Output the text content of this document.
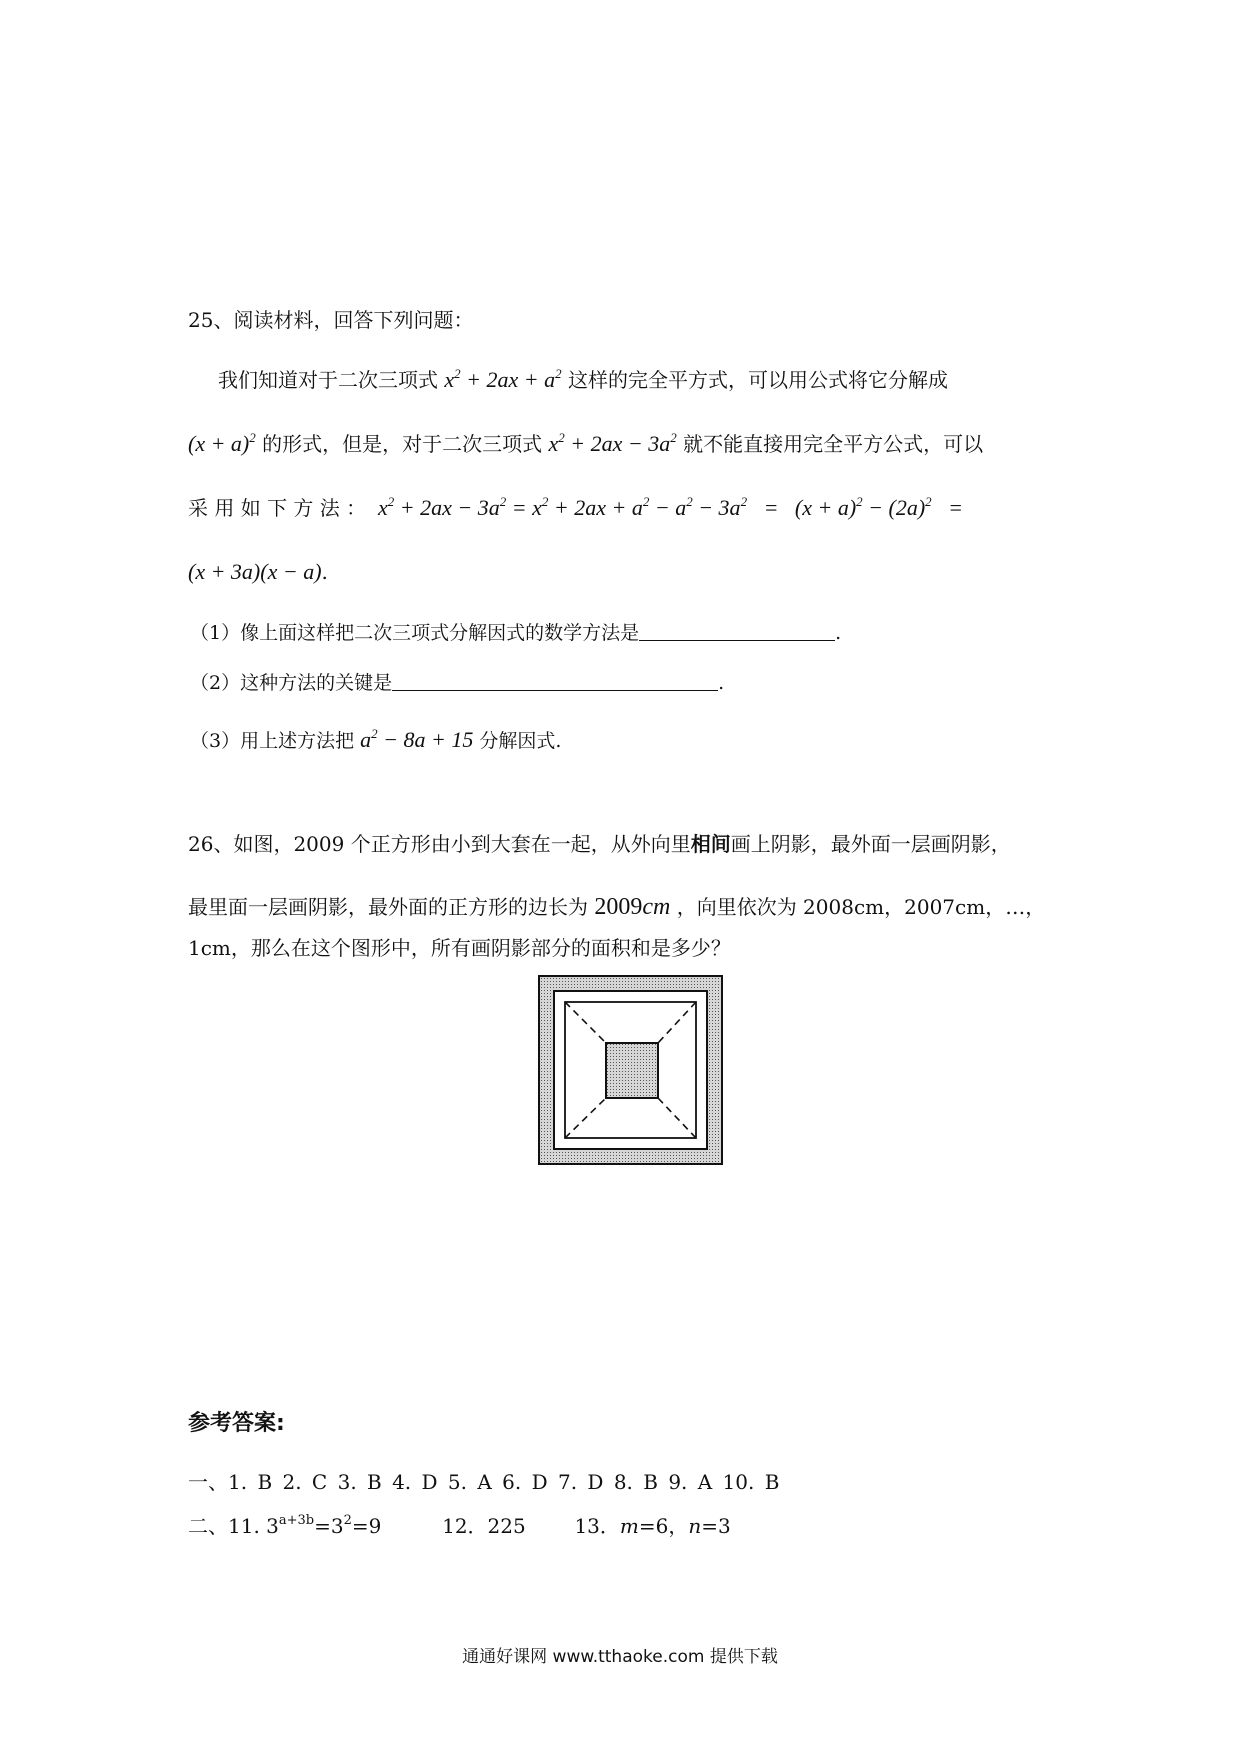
25、阅读材料，回答下列问题：
我们知道对于二次三项式 $x^2 + 2ax + a^2$ 这样的完全平方式，可以用公式将它分解成
$(x + a)^2$ 的形式，但是，对于二次三项式 $x^2 + 2ax - 3a^2$ 就不能直接用完全平方公式，可以
采 用 如 下 方 法 ：  $x^2 + 2ax - 3a^2 = x^2 + 2ax + a^2 - a^2 - 3a^2 = (x + a)^2 - (2a)^2$   =
(x + 3a)(x − a).
（1）像上面这样把二次三项式分解因式的数学方法是	.
（2）这种方法的关键是	.
（3）用上述方法把 $a^2 - 8a + 15$ 分解因式.
26、如图，2009 个正方形由小到大套在一起，从外向里相间画上阴影，最外面一层画阴影，
最里面一层画阴影，最外面的正方形的边长为 2009cm ，向里依次为 2008cm，2007cm，…，
1cm，那么在这个图形中，所有画阴影部分的面积和是多少？
参考答案:
一、1. B 2. C 3. B 4. D 5. A 6. D 7. D 8. B 9. A 10. B
二、11. $3^{a+3b}=3^2=9$	12．225 13．m=6，n=3
通通好课网 www.tthaoke.com 提供下载
